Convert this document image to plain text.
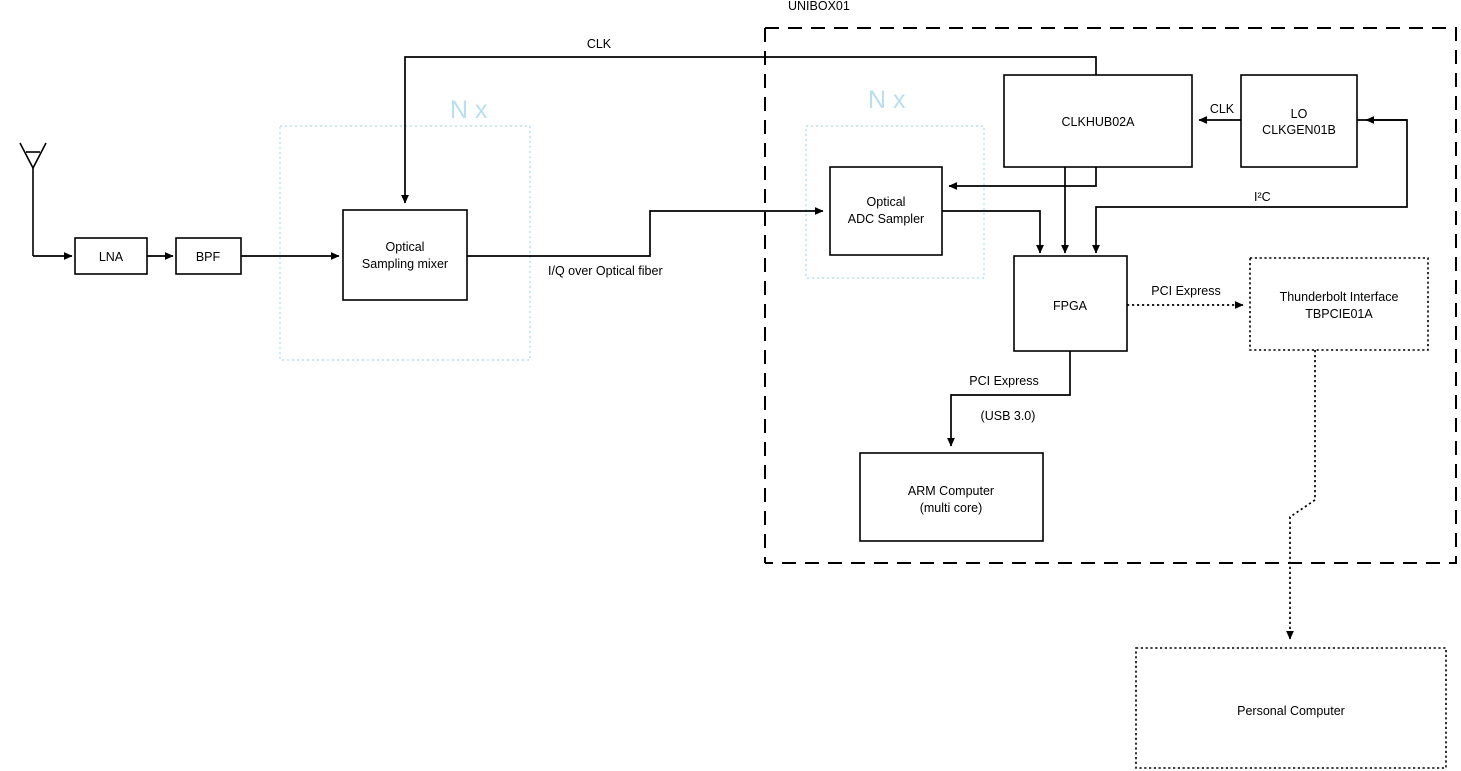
UNIBOX01
N x	N x
LNA	BPF
Optical
Sampling mixer
CLK
I/Q over Optical fiber
Optical
ADC Sampler
CLKHUB02A
LO
CLKGEN01B
CLK
I²C
FPGA
PCI Express	Thunderbolt Interface
TBPCIE01A
PCI Express
(USB 3.0)
ARM Computer
(multi core)
Personal Computer
